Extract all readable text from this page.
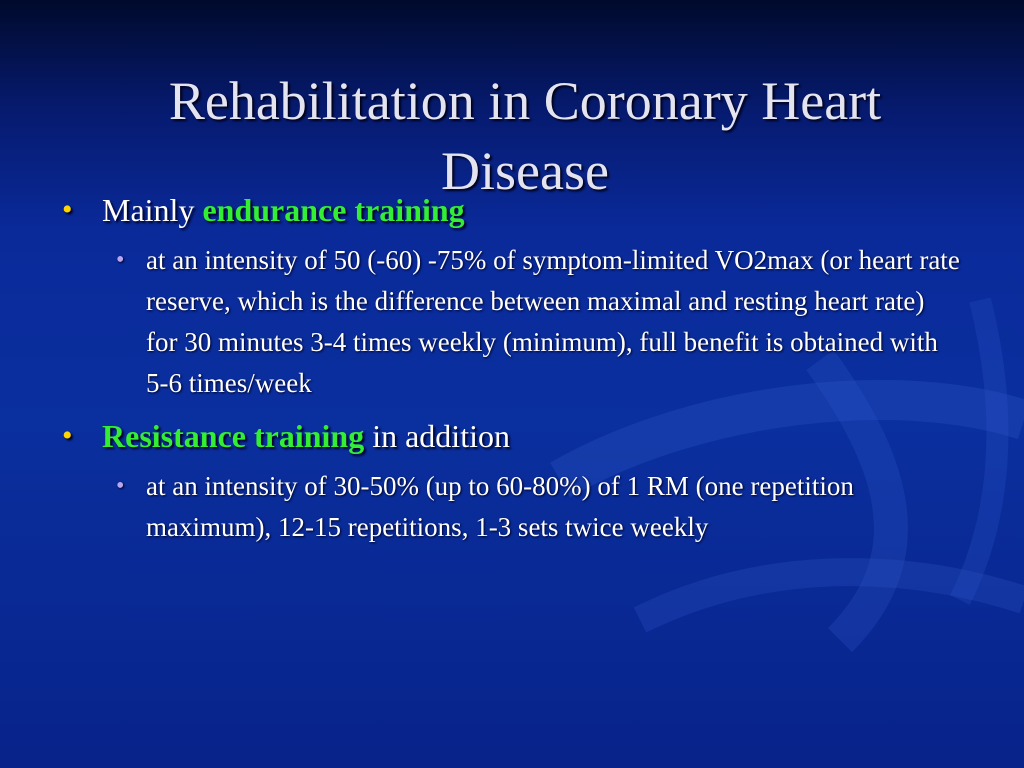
Rehabilitation in Coronary Heart Disease
• Mainly endurance training
• at an intensity of 50 (-60) -75% of symptom-limited VO2max (or heart rate reserve, which is the difference between maximal and resting heart rate) for 30 minutes 3-4 times weekly (minimum), full benefit is obtained with 5-6 times/week
• Resistance training in addition
• at an intensity of 30-50% (up to 60-80%) of 1 RM (one repetition maximum), 12-15 repetitions, 1-3 sets twice weekly
